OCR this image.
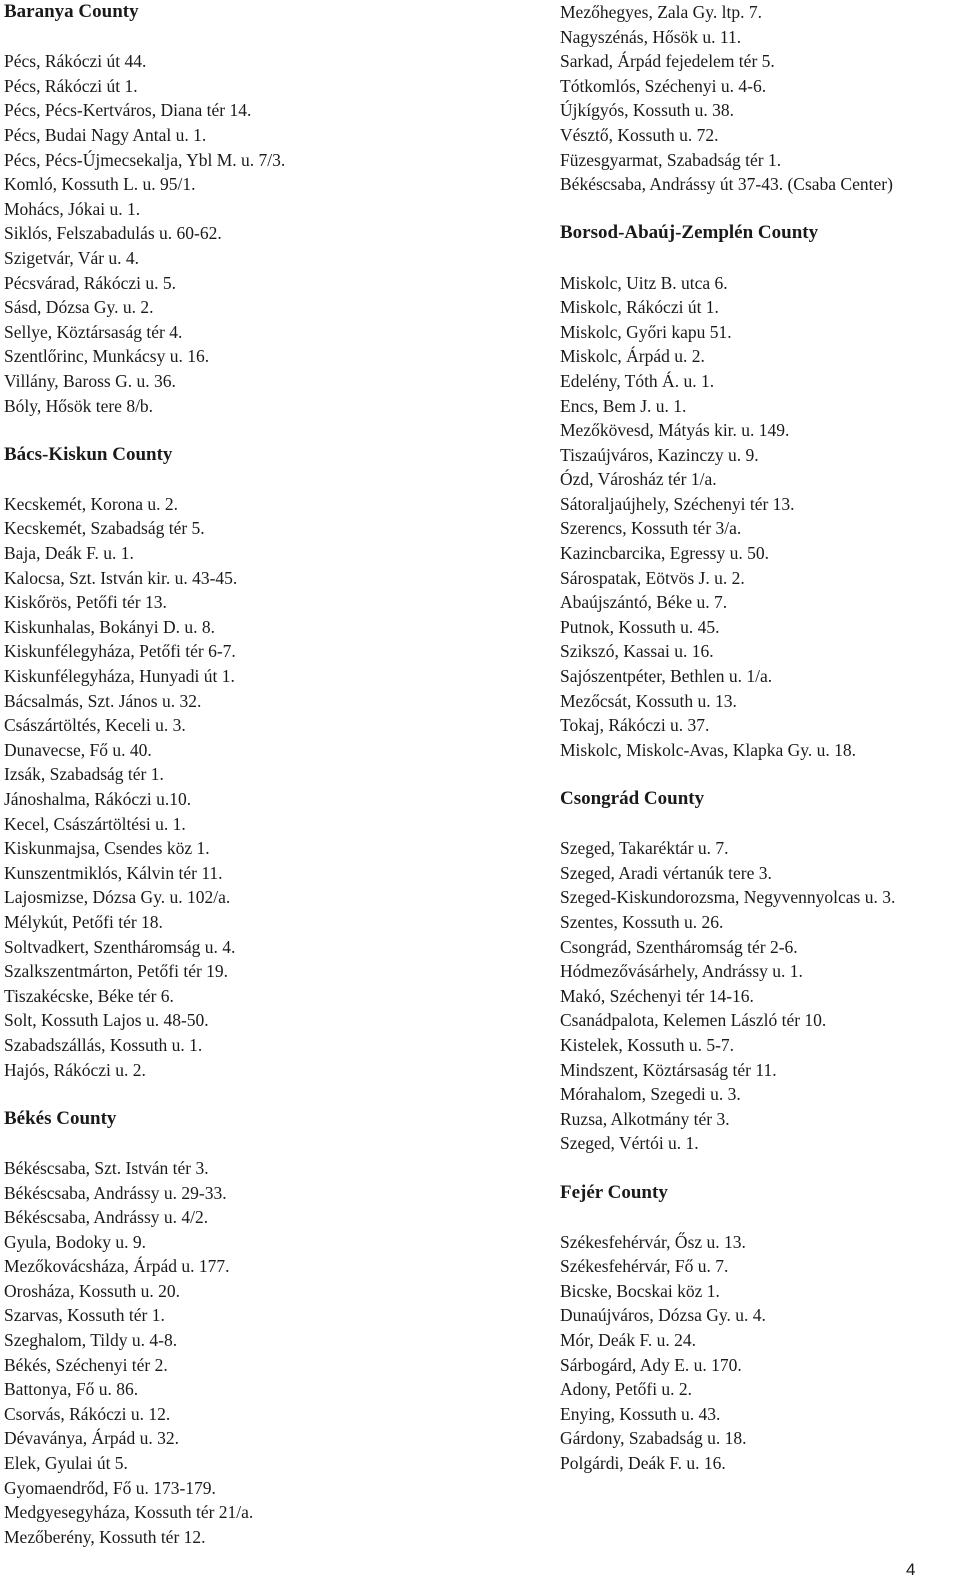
Baranya County
Pécs, Rákóczi út 44.
Pécs, Rákóczi út 1.
Pécs, Pécs-Kertváros, Diana tér 14.
Pécs, Budai Nagy Antal u. 1.
Pécs, Pécs-Újmecsekalja, Ybl M. u. 7/3.
Komló, Kossuth L. u. 95/1.
Mohács, Jókai u. 1.
Siklós, Felszabadulás u. 60-62.
Szigetvár, Vár u. 4.
Pécsvárad, Rákóczi u. 5.
Sásd, Dózsa Gy. u. 2.
Sellye, Köztársaság tér 4.
Szentlőrinc, Munkácsy u. 16.
Villány, Baross G. u. 36.
Bóly, Hősök tere 8/b.
Bács-Kiskun County
Kecskemét, Korona u. 2.
Kecskemét, Szabadság tér 5.
Baja, Deák F. u. 1.
Kalocsa, Szt. István kir. u. 43-45.
Kiskőrös, Petőfi tér 13.
Kiskunhalas, Bokányi D. u. 8.
Kiskunfélegyháza, Petőfi tér 6-7.
Kiskunfélegyháza, Hunyadi út 1.
Bácsalmás, Szt. János u. 32.
Császártöltés, Keceli u. 3.
Dunavecse, Fő u. 40.
Izsák, Szabadság tér 1.
Jánoshalma, Rákóczi u.10.
Kecel, Császártöltési u. 1.
Kiskunmajsa, Csendes köz 1.
Kunszentmiklós, Kálvin tér 11.
Lajosmizse, Dózsa Gy. u. 102/a.
Mélykút, Petőfi tér 18.
Soltvadkert, Szentháromság u. 4.
Szalkszentmárton, Petőfi tér 19.
Tiszakécske, Béke tér 6.
Solt, Kossuth Lajos u. 48-50.
Szabadszállás, Kossuth u. 1.
Hajós, Rákóczi u. 2.
Békés County
Békéscsaba, Szt. István tér 3.
Békéscsaba, Andrássy u. 29-33.
Békéscsaba, Andrássy u. 4/2.
Gyula, Bodoky u. 9.
Mezőkovácsháza, Árpád u. 177.
Orosháza, Kossuth u. 20.
Szarvas, Kossuth tér 1.
Szeghalom, Tildy u. 4-8.
Békés, Széchenyi tér 2.
Battonya, Fő u. 86.
Csorvás, Rákóczi u. 12.
Dévaványa, Árpád u. 32.
Elek, Gyulai út 5.
Gyomaendrőd, Fő u. 173-179.
Medgyesegyháza, Kossuth tér 21/a.
Mezőberény, Kossuth tér 12.
Mezőhegyes, Zala Gy. ltp. 7.
Nagyszénás, Hősök u. 11.
Sarkad, Árpád fejedelem tér 5.
Tótkomlós, Széchenyi u. 4-6.
Újkígyós, Kossuth u. 38.
Vésztő, Kossuth u. 72.
Füzesgyarmat, Szabadság tér 1.
Békéscsaba, Andrássy út 37-43. (Csaba Center)
Borsod-Abaúj-Zemplén County
Miskolc, Uitz B. utca 6.
Miskolc, Rákóczi út 1.
Miskolc, Győri kapu 51.
Miskolc, Árpád u. 2.
Edelény, Tóth Á. u. 1.
Encs, Bem J. u. 1.
Mezőkövesd, Mátyás kir. u. 149.
Tiszaújváros, Kazinczy u. 9.
Ózd, Városház tér 1/a.
Sátoraljaújhely, Széchenyi tér 13.
Szerencs, Kossuth tér 3/a.
Kazincbarcika, Egressy u. 50.
Sárospatak, Eötvös J. u. 2.
Abaújszántó, Béke u. 7.
Putnok, Kossuth u. 45.
Szikszó, Kassai u. 16.
Sajószentpéter, Bethlen u. 1/a.
Mezőcsát, Kossuth u. 13.
Tokaj, Rákóczi u. 37.
Miskolc, Miskolc-Avas, Klapka Gy. u. 18.
Csongrád County
Szeged, Takaréktár u. 7.
Szeged, Aradi vértanúk tere 3.
Szeged-Kiskundorozsma, Negyvennyolcas u. 3.
Szentes, Kossuth u. 26.
Csongrád, Szentháromság tér 2-6.
Hódmezővásárhely, Andrássy u. 1.
Makó, Széchenyi tér 14-16.
Csanádpalota, Kelemen László tér 10.
Kistelek, Kossuth u. 5-7.
Mindszent, Köztársaság tér 11.
Mórahalom, Szegedi u. 3.
Ruzsa, Alkotmány tér 3.
Szeged, Vértói u. 1.
Fejér County
Székesfehérvár, Ősz u. 13.
Székesfehérvár, Fő u. 7.
Bicske, Bocskai köz 1.
Dunaújváros, Dózsa Gy. u. 4.
Mór, Deák F. u. 24.
Sárbogárd, Ady E. u. 170.
Adony, Petőfi u. 2.
Enying, Kossuth u. 43.
Gárdony, Szabadság u. 18.
Polgárdi, Deák F. u. 16.
4
